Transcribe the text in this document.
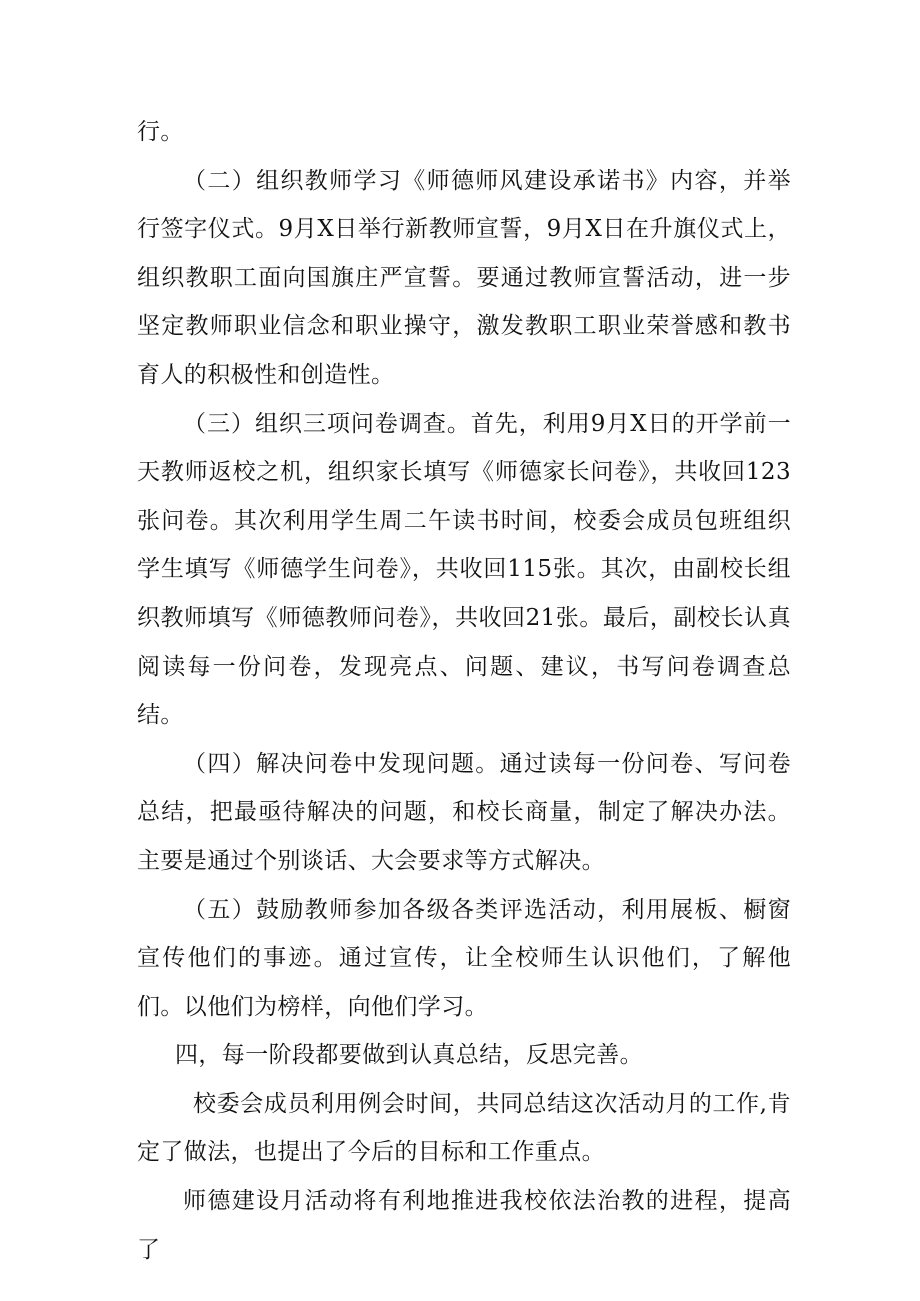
行。

（二）组织教师学习《师德师风建设承诺书》内容，并举行签字仪式。9月X日举行新教师宣誓，9月X日在升旗仪式上，组织教职工面向国旗庄严宣誓。要通过教师宣誓活动，进一步坚定教师职业信念和职业操守，激发教职工职业荣誉感和教书育人的积极性和创造性。

（三）组织三项问卷调查。首先，利用9月X日的开学前一天教师返校之机，组织家长填写《师德家长问卷》，共收回123张问卷。其次利用学生周二午读书时间，校委会成员包班组织学生填写《师德学生问卷》，共收回115张。其次，由副校长组织教师填写《师德教师问卷》，共收回21张。最后，副校长认真阅读每一份问卷，发现亮点、问题、建议，书写问卷调查总结。

（四）解决问卷中发现问题。通过读每一份问卷、写问卷总结，把最亟待解决的问题，和校长商量，制定了解决办法。主要是通过个别谈话、大会要求等方式解决。

（五）鼓励教师参加各级各类评选活动，利用展板、橱窗宣传他们的事迹。通过宣传，让全校师生认识他们，了解他们。以他们为榜样，向他们学习。

四，每一阶段都要做到认真总结，反思完善。

校委会成员利用例会时间，共同总结这次活动月的工作,肯定了做法，也提出了今后的目标和工作重点。

师德建设月活动将有利地推进我校依法治教的进程，提高了
